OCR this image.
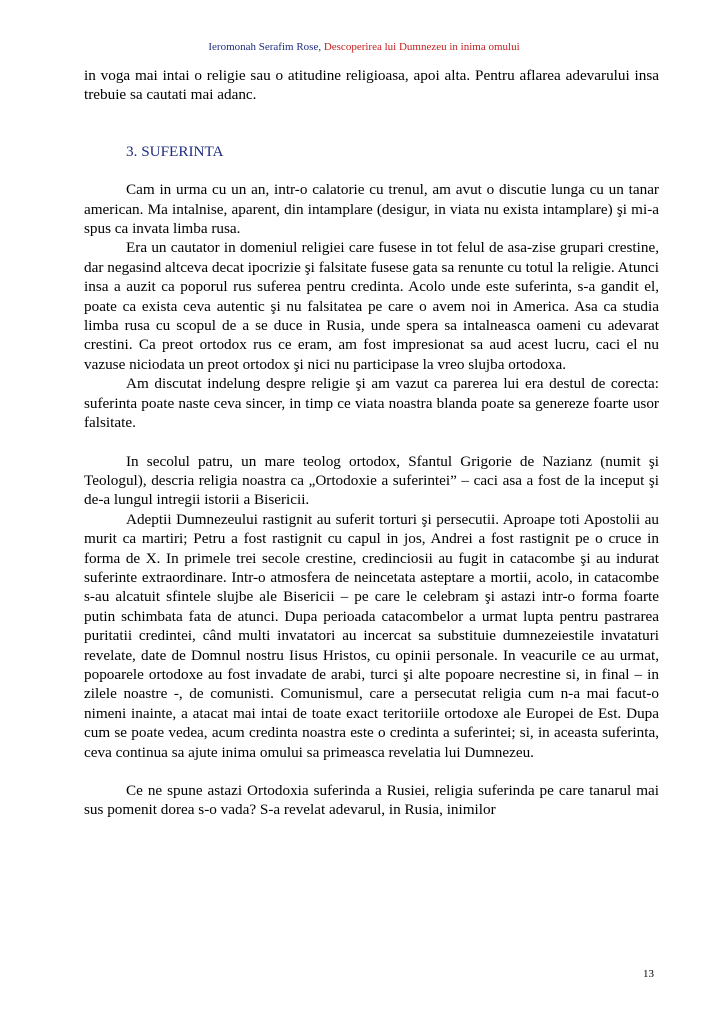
Ieromonah Serafim Rose, Descoperirea lui Dumnezeu in inima omului

in voga mai intai o religie sau o atitudine religioasa, apoi alta. Pentru aflarea adevarului insa trebuie sa cautati mai adanc.

3. SUFERINTA

Cam in urma cu un an, intr-o calatorie cu trenul, am avut o discutie lunga cu un tanar american. Ma intalnise, aparent, din intamplare (desigur, in viata nu exista intamplare) şi mi-a spus ca invata limba rusa.

Era un cautator in domeniul religiei care fusese in tot felul de asa-zise grupari crestine, dar negasind altceva decat ipocrizie şi falsitate fusese gata sa renunte cu totul la religie. Atunci insa a auzit ca poporul rus suferea pentru credinta. Acolo unde este suferinta, s-a gandit el, poate ca exista ceva autentic şi nu falsitatea pe care o avem noi in America. Asa ca studia limba rusa cu scopul de a se duce in Rusia, unde spera sa intalneasca oameni cu adevarat crestini. Ca preot ortodox rus ce eram, am fost impresionat sa aud acest lucru, caci el nu vazuse niciodata un preot ortodox şi nici nu participase la vreo slujba ortodoxa.

Am discutat indelung despre religie şi am vazut ca parerea lui era destul de corecta: suferinta poate naste ceva sincer, in timp ce viata noastra blanda poate sa genereze foarte usor falsitate.

In secolul patru, un mare teolog ortodox, Sfantul Grigorie de Nazianz (numit şi Teologul), descria religia noastra ca „Ortodoxie a suferintei” – caci asa a fost de la inceput şi de-a lungul intregii istorii a Bisericii.

Adeptii Dumnezeului rastignit au suferit torturi şi persecutii. Aproape toti Apostolii au murit ca martiri; Petru a fost rastignit cu capul in jos, Andrei a fost rastignit pe o cruce in forma de X. In primele trei secole crestine, credinciosii au fugit in catacombe şi au indurat suferinte extraordinare. Intr-o atmosfera de neincetata asteptare a mortii, acolo, in catacombe s-au alcatuit sfintele slujbe ale Bisericii – pe care le celebram şi astazi intr-o forma foarte putin schimbata fata de atunci. Dupa perioada catacombelor a urmat lupta pentru pastrarea puritatii credintei, când multi invatatori au incercat sa substituie dumnezeiestile invataturi revelate, date de Domnul nostru Iisus Hristos, cu opinii personale. In veacurile ce au urmat, popoarele ortodoxe au fost invadate de arabi, turci şi alte popoare necrestine si, in final – in zilele noastre -, de comunisti. Comunismul, care a persecutat religia cum n-a mai facut-o nimeni inainte, a atacat mai intai de toate exact teritoriile ortodoxe ale Europei de Est. Dupa cum se poate vedea, acum credinta noastra este o credinta a suferintei; si, in aceasta suferinta, ceva continua sa ajute inima omului sa primeasca revelatia lui Dumnezeu.

Ce ne spune astazi Ortodoxia suferinda a Rusiei, religia suferinda pe care tanarul mai sus pomenit dorea s-o vada? S-a revelat adevarul, in Rusia, inimilor

13
